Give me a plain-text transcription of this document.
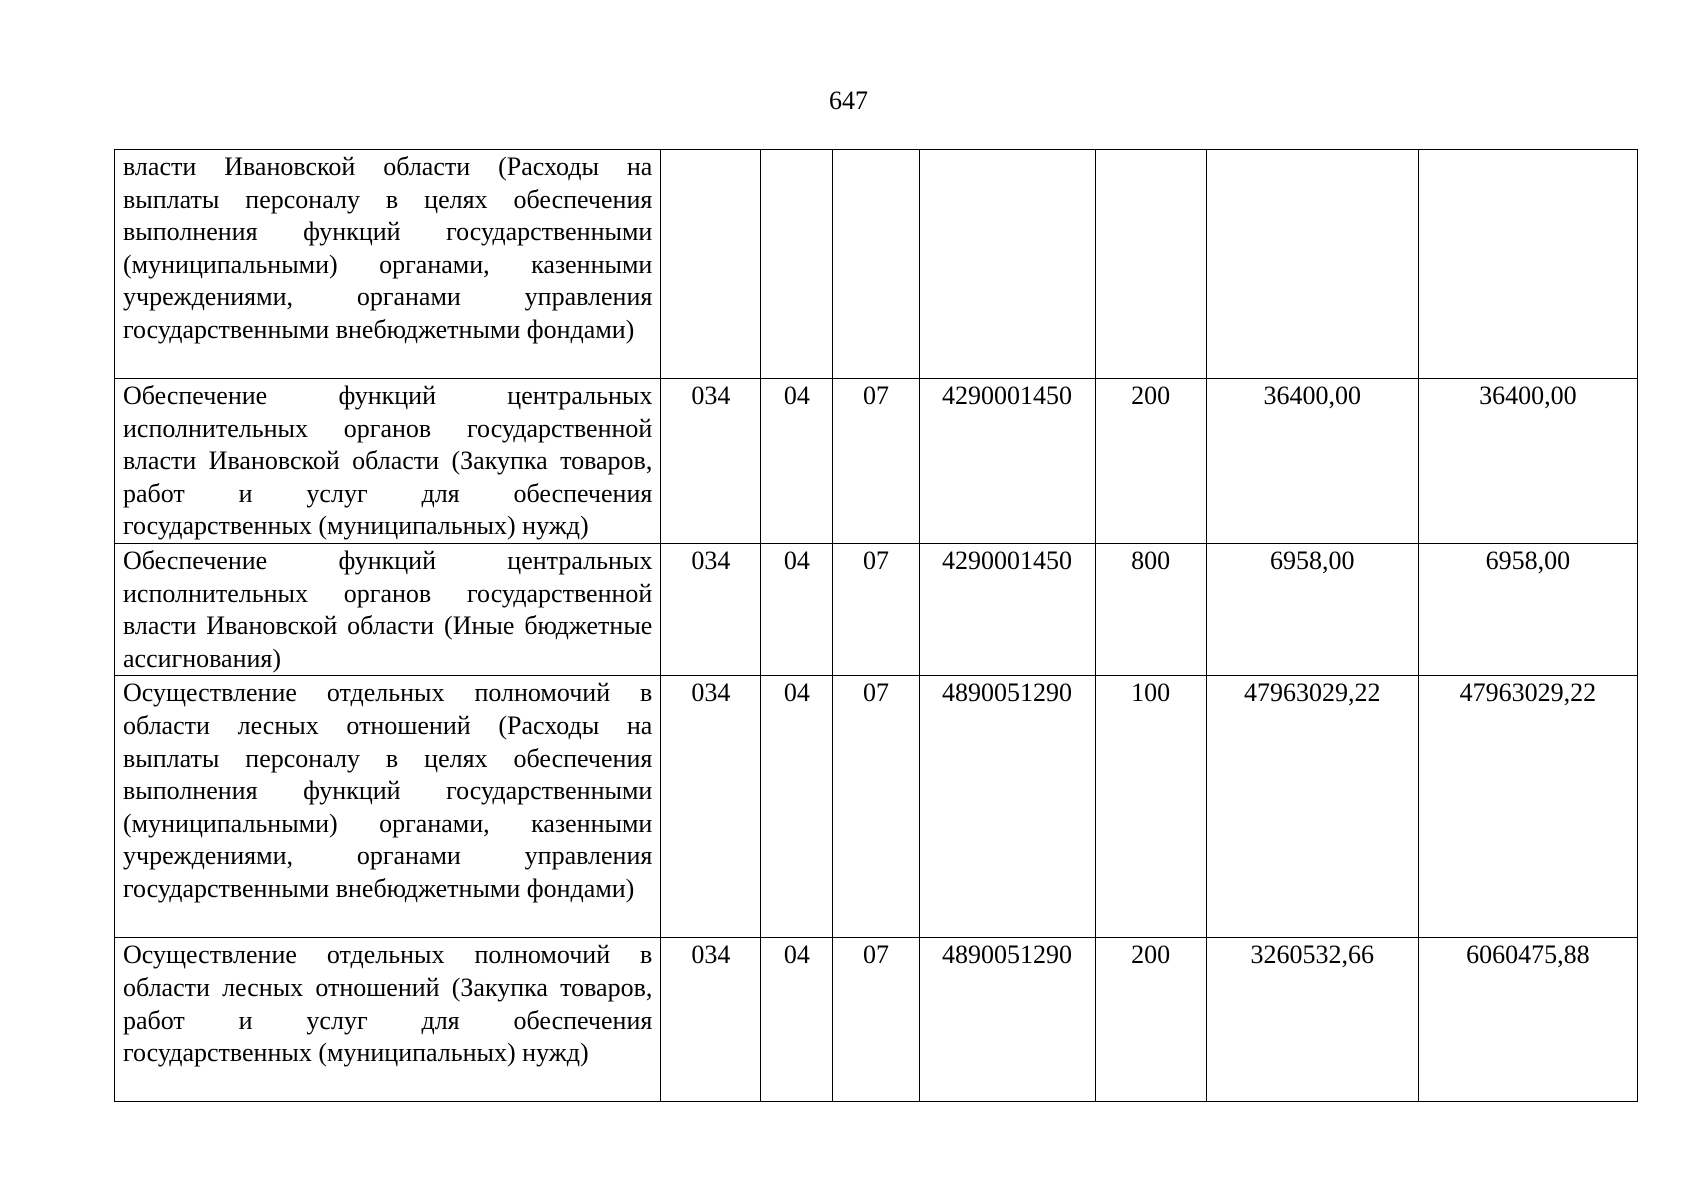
647
власти Ивановской области (Расходы на выплаты персоналу в целях обеспечения выполнения функций государственными (муниципальными) органами, казенными учреждениями, органами управления государственными внебюджетными фондами)							
Обеспечение функций центральных исполнительных органов государственной власти Ивановской области (Закупка товаров, работ и услуг для обеспечения государственных (муниципальных) нужд)	034	04	07	4290001450	200	36400,00	36400,00
Обеспечение функций центральных исполнительных органов государственной власти Ивановской области (Иные бюджетные ассигнования)	034	04	07	4290001450	800	6958,00	6958,00
Осуществление отдельных полномочий в области лесных отношений (Расходы на выплаты персоналу в целях обеспечения выполнения функций государственными (муниципальными) органами, казенными учреждениями, органами управления государственными внебюджетными фондами)	034	04	07	4890051290	100	47963029,22	47963029,22
Осуществление отдельных полномочий в области лесных отношений (Закупка товаров, работ и услуг для обеспечения государственных (муниципальных) нужд)	034	04	07	4890051290	200	3260532,66	6060475,88
